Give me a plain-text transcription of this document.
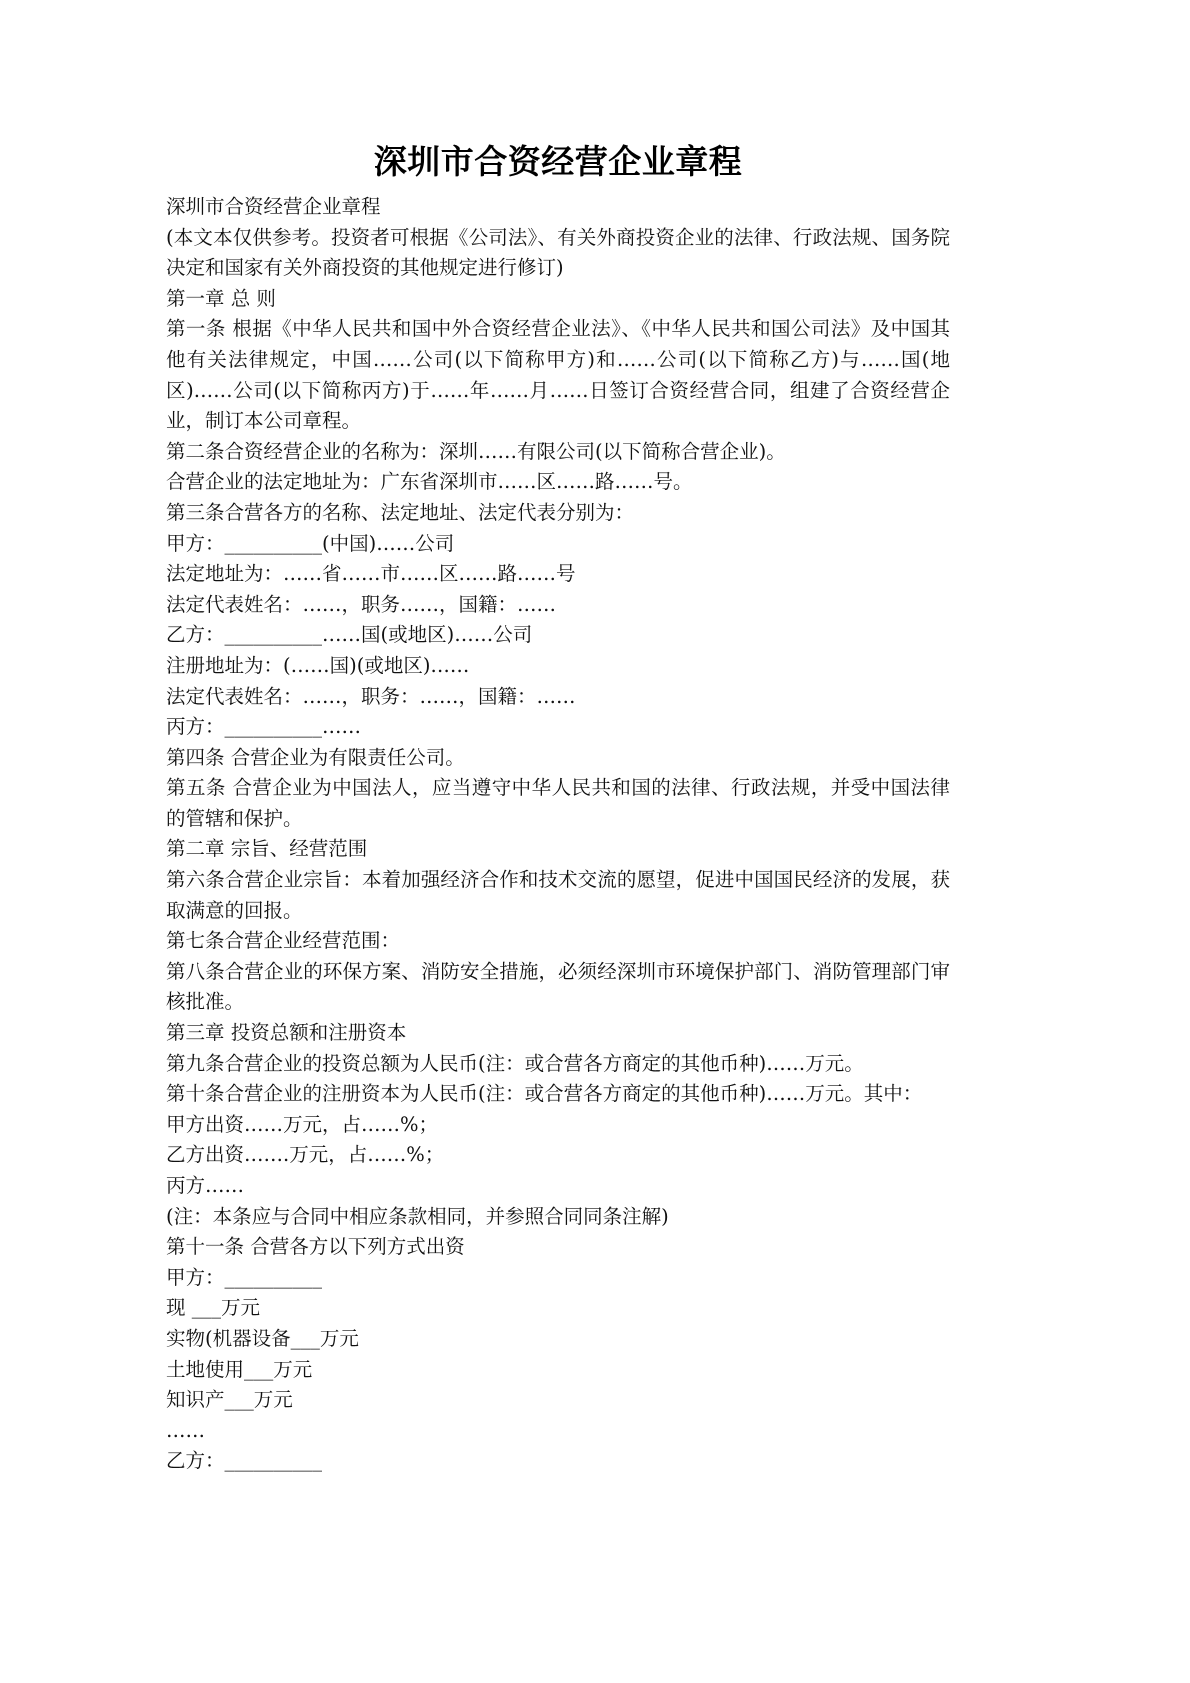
深圳市合资经营企业章程

深圳市合资经营企业章程

(本文本仅供参考。投资者可根据《公司法》、有关外商投资企业的法律、行政法规、国务院决定和国家有关外商投资的其他规定进行修订)

第一章 总 则

第一条 根据《中华人民共和国中外合资经营企业法》、《中华人民共和国公司法》及中国其他有关法律规定，中国……公司(以下简称甲方)和……公司(以下简称乙方)与……国(地区)……公司(以下简称丙方)于……年……月……日签订合资经营合同，组建了合资经营企业，制订本公司章程。

第二条合资经营企业的名称为：深圳……有限公司(以下简称合营企业)。

合营企业的法定地址为：广东省深圳市……区……路……号。

第三条合营各方的名称、法定地址、法定代表分别为：

甲方：__________(中国)……公司

法定地址为：……省……市……区……路……号

法定代表姓名：……，职务……，国籍：……

乙方：__________……国(或地区)……公司

注册地址为：(……国)(或地区)……

法定代表姓名：……，职务：……，国籍：……

丙方：__________……

第四条 合营企业为有限责任公司。

第五条 合营企业为中国法人，应当遵守中华人民共和国的法律、行政法规，并受中国法律的管辖和保护。

第二章 宗旨、经营范围

第六条合营企业宗旨：本着加强经济合作和技术交流的愿望，促进中国国民经济的发展，获取满意的回报。

第七条合营企业经营范围：

第八条合营企业的环保方案、消防安全措施，必须经深圳市环境保护部门、消防管理部门审核批准。

第三章 投资总额和注册资本

第九条合营企业的投资总额为人民币(注：或合营各方商定的其他币种)……万元。

第十条合营企业的注册资本为人民币(注：或合营各方商定的其他币种)……万元。其中：

甲方出资……万元，占……%；

乙方出资…….万元，占……%；

丙方……

(注：本条应与合同中相应条款相同，并参照合同同条注解)

第十一条 合营各方以下列方式出资

甲方：__________

现 ___万元

实物(机器设备___万元

土地使用___万元

知识产___万元

……

乙方：__________
